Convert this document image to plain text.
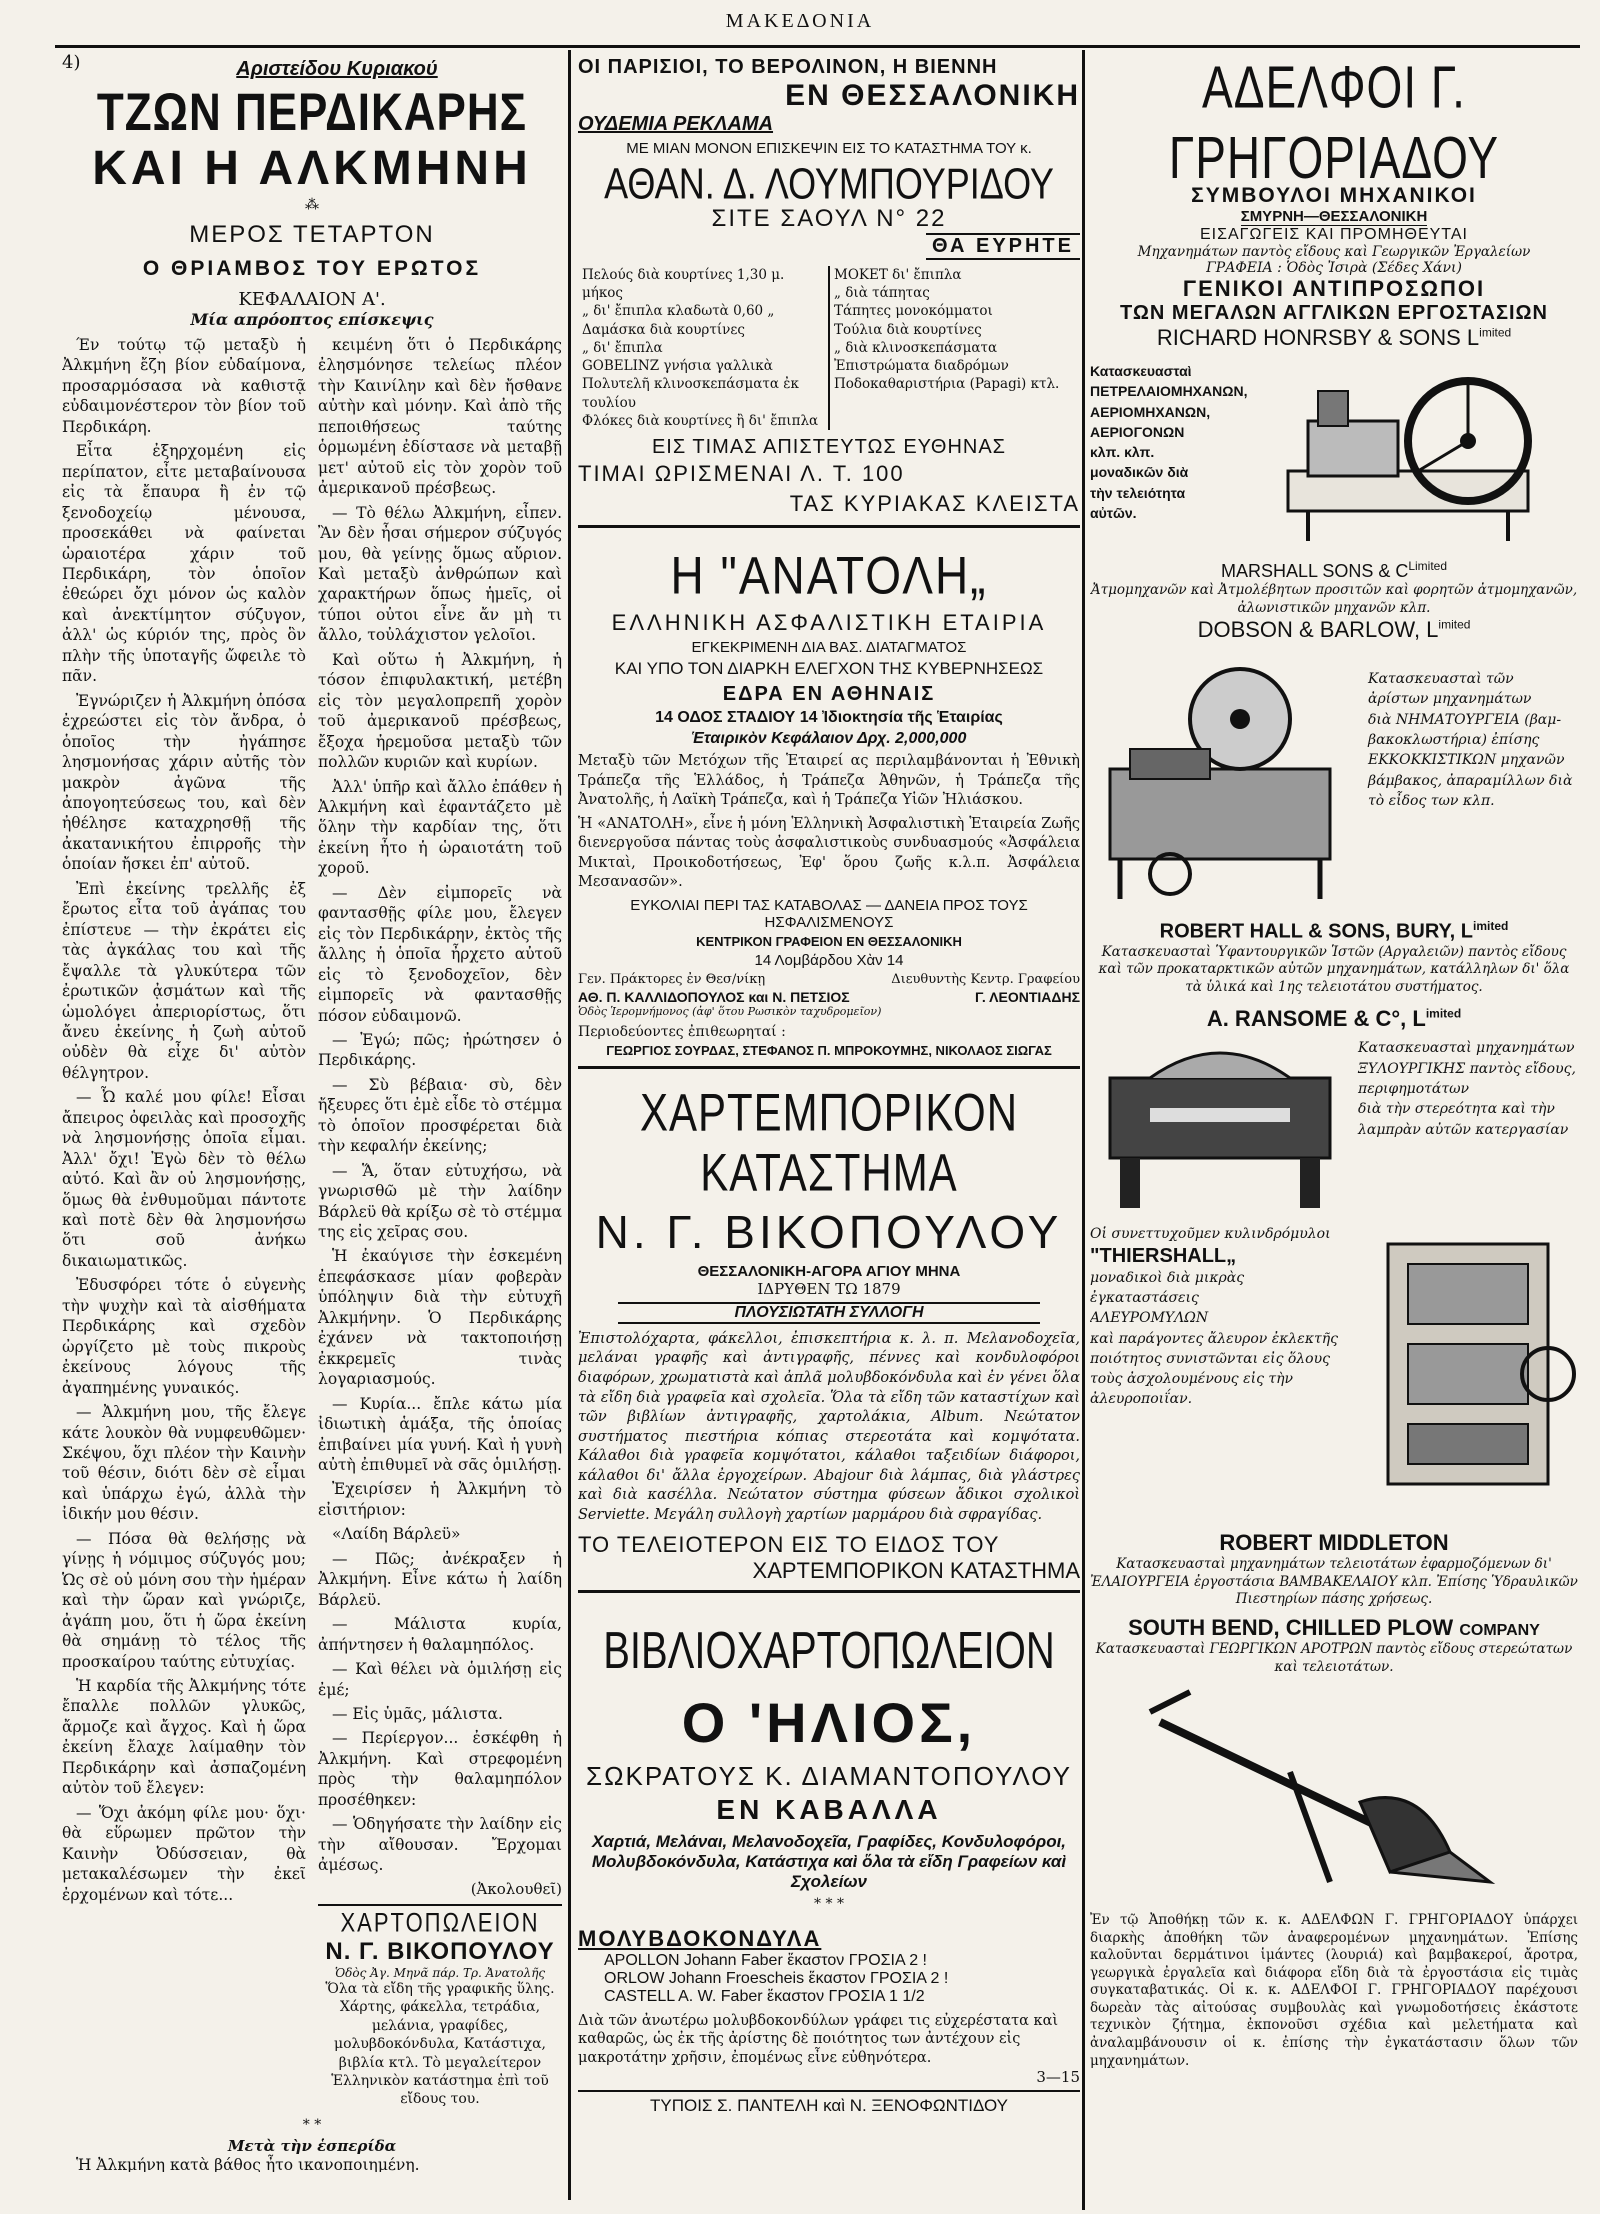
ΜΑΚΕΔΟΝΙΑ
4)	Αριστείδου Κυριακού
ΤΖΩΝ ΠΕΡΔΙΚΑΡΗΣ
ΚΑΙ Η ΑΛΚΜΗΝΗ
⁂
ΜΕΡΟΣ ΤΕΤΑΡΤΟΝ
Ο ΘΡΙΑΜΒΟΣ ΤΟΥ ΕΡΩΤΟΣ
ΚΕΦΑΛΑΙΟΝ Α'.
Μία απρόοπτος επίσκεψις
Έν τούτῳ τῷ μεταξὺ ἡ Ἀλκμήνη ἔζη βίον εὐδαίμονα, προσαρμόσασα νὰ καθιστᾷ εὐδαιμονέστερον τὸν βίον τοῦ Περδικάρη.
Εἶτα ἐξηρχομένη εἰς περίπατον, εἶτε μεταβαίνουσα εἰς τὰ ἔπαυρα ἢ ἐν τῷ ξενοδοχείῳ μένουσα, προσεκάθει νὰ φαίνεται ὡραιοτέρα χάριν τοῦ Περδικάρη, τὸν ὁποῖον ἐθεώρει ὄχι μόνον ὡς καλὸν καὶ ἀνεκτίμητον σύζυγον, ἀλλ' ὡς κύριόν της, πρὸς ὃν πλὴν τῆς ὑποταγῆς ὤφειλε τὸ πᾶν.
Ἐγνώριζεν ἡ Ἀλκμήνη ὁπόσα ἐχρεώστει εἰς τὸν ἄνδρα, ὁ ὁποῖος τὴν ἠγάπησε λησμονήσας χάριν αὐτῆς τὸν μακρὸν ἀγῶνα τῆς ἀπογοητεύσεως του, καὶ δὲν ἠθέλησε καταχρησθῇ τῆς ἀκατανικήτου ἐπιρροῆς τὴν ὁποίαν ἤσκει ἐπ' αὐτοῦ.
Ἐπὶ ἐκείνης τρελλῆς ἐξ ἔρωτος εἶτα τοῦ ἀγάπας του ἐπίστευε — τὴν ἐκράτει εἰς τὰς ἀγκάλας του καὶ τῆς ἔψαλλε τὰ γλυκύτερα τῶν ἐρωτικῶν ᾀσμάτων καὶ τῆς ὡμολόγει ἀπεριορίστως, ὅτι ἄνευ ἐκείνης ἡ ζωὴ αὐτοῦ οὐδὲν θὰ εἶχε δι' αὐτὸν θέλγητρον.
— Ὦ καλέ μου φίλε! Εἶσαι ἄπειρος ὀφειλὰς καὶ προσοχῆς νὰ λησμονήσῃς ὁποῖα εἶμαι. Ἀλλ' ὄχι! Ἐγὼ δὲν τὸ θέλω αὐτό. Καὶ ἂν οὐ λησμονήσῃς, ὅμως θὰ ἐνθυμοῦμαι πάντοτε καὶ ποτὲ δὲν θὰ λησμονήσω ὅτι σοῦ ἀνήκω δικαιωματικῶς.
Ἐδυσφόρει τότε ὁ εὐγενὴς τὴν ψυχὴν καὶ τὰ αἰσθήματα Περδικάρης καὶ σχεδὸν ὠργίζετο μὲ τοὺς πικροὺς ἐκείνους λόγους τῆς ἀγαπημένης γυναικός.
— Ἀλκμήνη μου, τῆς ἔλεγε κάτε λουκὸν θὰ νυμφευθῶμεν· Σκέψου, ὅχι πλέον τὴν Καινὴν τοῦ θέσιν, διότι δὲν σὲ εἶμαι καὶ ὑπάρχω ἐγώ, ἀλλὰ τὴν ἰδικήν μου θέσιν.
— Πόσα θὰ θελήσῃς νὰ γίνῃς ἡ νόμιμος σύζυγός μου; Ὡς σὲ οὐ μόνη σου τὴν ἡμέραν καὶ τὴν ὥραν καὶ γνώριζε, ἀγάπη μου, ὅτι ἡ ὥρα ἐκείνη θὰ σημάνῃ τὸ τέλος τῆς προσκαίρου ταύτης εὐτυχίας.
Ἡ καρδία τῆς Ἀλκμήνης τότε ἔπαλλε πολλῶν γλυκῶς, ἄρμοζε καὶ ἄγχος. Καὶ ἡ ὥρα ἐκείνη ἔλαχε λαίμαθην τὸν Περδικάρην καὶ ἀσπαζομένη αὐτὸν τοῦ ἔλεγεν:
— Ὅχι ἀκόμη φίλε μου· ὅχι· θὰ εὕρωμεν πρῶτον τὴν Καινὴν Ὀδύσσειαν, θὰ μετακαλέσωμεν τὴν ἐκεῖ ἐρχομένων καὶ τότε...
κειμένη ὅτι ὁ Περδικάρης ἐλησμόνησε τελείως πλέον τὴν Καινίλην καὶ δὲν ἤσθανε αὐτὴν καὶ μόνην. Καὶ ἀπὸ τῆς πεποιθήσεως ταύτης ὁρμωμένη ἐδίστασε νὰ μεταβῇ μετ' αὐτοῦ εἰς τὸν χορὸν τοῦ ἀμερικανοῦ πρέσβεως.
— Τὸ θέλω Ἀλκμήνη, εἶπεν. Ἂν δὲν ἦσαι σήμερον σύζυγός μου, θὰ γείνῃς ὅμως αὔριον. Καὶ μεταξὺ ἀνθρώπων καὶ χαρακτήρων ὅπως ἡμεῖς, οἱ τύποι οὐτοι εἶνε ἄν μὴ τι ἄλλο, τοὐλάχιστον γελοῖοι.
Καὶ οὕτω ἡ Ἀλκμήνη, ἡ τόσον ἐπιφυλακτική, μετέβη εἰς τὸν μεγαλοπρεπῆ χορὸν τοῦ ἀμερικανοῦ πρέσβεως, ἔξοχα ἡρεμοῦσα μεταξὺ τῶν πολλῶν κυριῶν καὶ κυρίων.
Ἀλλ' ὑπῆρ καὶ ἄλλο ἐπάθεν ἡ Ἀλκμήνη καὶ ἐφαντάζετο μὲ ὅλην τὴν καρδίαν της, ὅτι ἐκείνη ἦτο ἡ ὡραιοτάτη τοῦ χοροῦ.
— Δὲν εἰμπορεῖς νὰ φαντασθῇς φίλε μου, ἔλεγεν εἰς τὸν Περδικάρην, ἐκτὸς τῆς ἄλλης ἡ ὁποῖα ἦρχετο αὐτοῦ εἰς τὸ ξενοδοχεῖον, δὲν εἰμπορεῖς νὰ φαντασθῇς πόσον εὐδαιμονῶ.
— Ἐγώ; πῶς; ἠρώτησεν ὁ Περδικάρης.
— Σὺ βέβαια· σὺ, δὲν ἤξευρες ὅτι ἐμὲ εἶδε τὸ στέμμα τὸ ὁποῖον προσφέρεται διὰ τὴν κεφαλήν ἐκείνης;
— Ἅ, ὅταν εὐτυχήσω, νὰ γνωρισθῶ μὲ τὴν λαίδην Βάρλεϋ θὰ κρίξω σὲ τὸ στέμμα της εἰς χεῖρας σου.
Ἡ ἐκαύγισε τὴν ἐσκεμένη ἐπεφάσκασε μίαν φοβερὰν ὑπόληψιν διὰ τὴν εὐτυχῆ Ἀλκμήνην. Ὁ Περδικάρης ἐχάνεν νὰ τακτοποιήσῃ ἐκκρεμεῖς τινὰς λογαριασμούς.
— Κυρία... ἔπλε κάτω μία ἰδιωτικὴ ἁμάξα, τῆς ὁποίας ἐπιβαίνει μία γυνή. Καὶ ἡ γυνὴ αὐτὴ ἐπιθυμεῖ νὰ σᾶς ὁμιλήσῃ.
Ἐχειρίσεν ἡ Ἀλκμήνη τὸ εἰσιτήριον:
«Λαίδη Βάρλεϋ»
— Πῶς; ἀνέκραξεν ἡ Ἀλκμήνη. Εἶνε κάτω ἡ λαίδη Βάρλεϋ.
— Μάλιστα κυρία, ἀπήντησεν ἡ θαλαμηπόλος.
— Καὶ θέλει νὰ ὁμιλήσῃ εἰς ἐμέ;
— Εἰς ὑμᾶς, μάλιστα.
— Περίεργον... ἐσκέφθη ἡ Ἀλκμήνη. Καὶ στρεφομένη πρὸς τὴν θαλαμηπόλον προσέθηκεν:
— Ὁδηγήσατε τὴν λαίδην εἰς τὴν αἴθουσαν. Ἔρχομαι ἀμέσως.
(Ἀκολουθεῖ)
ΧΑΡΤΟΠΩΛΕΙΟΝ
Ν. Γ. ΒΙΚΟΠΟΥΛΟΥ
Ὁδὸς Ἀγ. Μηνᾶ πάρ. Τρ. Ἀνατολῆς
Ὅλα τὰ εἴδη τῆς γραφικῆς ὕλης. Χάρτης, φάκελλα, τετράδια, μελάνια, γραφίδες, μολυβδοκόνδυλα, Κατάστιχα, βιβλία κτλ. Τὸ μεγαλείτερον Ἑλληνικὸν κατάστημα ἐπὶ τοῦ εἴδους του.
* *
Μετὰ τὴν ἑσπερίδα
Ἡ Ἀλκμήνη κατὰ βάθος ἦτο ικανοποιημένη.
ΟΙ ΠΑΡΙΣΙΟΙ, ΤΟ ΒΕΡΟΛΙΝΟΝ, Η ΒΙΕΝΝΗ
ΕΝ ΘΕΣΣΑΛΟΝΙΚΗ
ΟΥΔΕΜΙΑ ΡΕΚΛΑΜΑ
ΜΕ ΜΙΑΝ ΜΟΝΟΝ ΕΠΙΣΚΕΨΙΝ ΕΙΣ ΤΟ ΚΑΤΑΣΤΗΜΑ ΤΟΥ κ.
ΑΘΑΝ. Δ. ΛΟΥΜΠΟΥΡΙΔΟΥ
ΣΙΤΕ ΣΑΟΥΛ Ν° 22
ΘΑ ΕΥΡΗΤΕ
Πελούς διὰ κουρτίνες 1,30 μ. μήκος
„ δι' ἔπιπλα κλαδωτὰ 0,60 „
Δαμάσκα διὰ κουρτίνες
„ δι' ἔπιπλα
GOBELINZ γνήσια γαλλικὰ
Πολυτελῆ κλινοσκεπάσματα ἐκ τουλίου
Φλόκες διὰ κουρτίνες ἢ δι' ἔπιπλα
ΜΟΚΕΤ δι' ἔπιπλα
„ διὰ τάπητας
Τάπητες μονοκόμματοι
Τούλια διὰ κουρτίνες
„ διὰ κλινοσκεπάσματα
Ἐπιστρώματα διαδρόμων
Ποδοκαθαριστήρια (Papagi) κτλ.
ΕΙΣ ΤΙΜΑΣ ΑΠΙΣΤΕΥΤΩΣ ΕΥΘΗΝΑΣ
ΤΙΜΑΙ ΩΡΙΣΜΕΝΑΙ Λ. Τ. 100
ΤΑΣ ΚΥΡΙΑΚΑΣ ΚΛΕΙΣΤΑ
Η "ΑΝΑΤΟΛΗ„
ΕΛΛΗΝΙΚΗ ΑΣΦΑΛΙΣΤΙΚΗ ΕΤΑΙΡΙΑ
ΕΓΚΕΚΡΙΜΕΝΗ ΔΙΑ ΒΑΣ. ΔΙΑΤΑΓΜΑΤΟΣ
ΚΑΙ ΥΠΟ ΤΟΝ ΔΙΑΡΚΗ ΕΛΕΓΧΟΝ ΤΗΣ ΚΥΒΕΡΝΗΣΕΩΣ
ΕΔΡΑ ΕΝ ΑΘΗΝΑΙΣ
14 ΟΔΟΣ ΣΤΑΔΙΟΥ 14 Ἰδιοκτησία τῆς Ἑταιρίας
Ἑταιρικὸν Κεφάλαιον Δρχ. 2,000,000
Μεταξὺ τῶν Μετόχων τῆς Ἑταιρεί ας περιλαμβάνονται ἡ Ἐθνικὴ Τράπεζα τῆς Ἑλλάδος, ἡ Τράπεζα Ἀθηνῶν, ἡ Τράπεζα τῆς Ἀνατολῆς, ἡ Λαϊκὴ Τράπεζα, καὶ ἡ Τράπεζα Υἱῶν Ἠλιάσκου.
Ἡ «ΑΝΑΤΟΛΗ», εἶνε ἡ μόνη Ἑλληνικὴ Ἀσφαλιστικὴ Ἑταιρεία Ζωῆς διενεργοῦσα πάντας τοὺς ἀσφαλιστικοὺς συνδυασμούς «Ἀσφάλεια Μικταὶ, Προικοδοτήσεως, Ἐφ' ὅρου ζωῆς κ.λ.π. Ἀσφάλεια Μεσανασῶν».
ΕΥΚΟΛΙΑΙ ΠΕΡΙ ΤΑΣ ΚΑΤΑΒΟΛΑΣ — ΔΑΝΕΙΑ ΠΡΟΣ ΤΟΥΣ ΗΣΦΑΛΙΣΜΕΝΟΥΣ
ΚΕΝΤΡΙΚΟΝ ΓΡΑΦΕΙΟΝ ΕΝ ΘΕΣΣΑΛΟΝΙΚΗ
14 Λομβάρδου Χὰν 14
Γεν. Πράκτορες ἐν Θεσ/νίκῃ	Διευθυντὴς Κεντρ. Γραφείου
ΑΘ. Π. ΚΑΛΛΙΔΟΠΟΥΛΟΣ και Ν. ΠΕΤΣΙΟΣ	Γ. ΛΕΟΝΤΙΑΔΗΣ
Ὁδὸς Ἱερομνήμονος (ἀφ' ὅτου Ρωσικὸν ταχυδρομεῖον)
Περιοδεύοντες ἐπιθεωρηταί :
ΓΕΩΡΓΙΟΣ ΣΟΥΡΔΑΣ, ΣΤΕΦΑΝΟΣ Π. ΜΠΡΟΚΟΥΜΗΣ, ΝΙΚΟΛΑΟΣ ΣΙΩΓΑΣ
ΧΑΡΤΕΜΠΟΡΙΚΟΝ ΚΑΤΑΣΤΗΜΑ
Ν. Γ. ΒΙΚΟΠΟΥΛΟΥ
ΘΕΣΣΑΛΟΝΙΚΗ-ΑΓΟΡΑ ΑΓΙΟΥ ΜΗΝΑ
ΙΔΡΥΘΕΝ ΤΩ 1879
ΠΛΟΥΣΙΩΤΑΤΗ ΣΥΛΛΟΓΗ
Ἐπιστολόχαρτα, φάκελλοι, ἐπισκεπτήρια κ. λ. π. Μελανοδοχεῖα, μελάναι γραφῆς καὶ ἀντιγραφῆς, πέννες καὶ κονδυλοφόροι διαφόρων, χρωματιστὰ καὶ ἀπλᾶ μολυβδοκόνδυλα καὶ ἐν γένει ὅλα τὰ εἴδη διὰ γραφεῖα καὶ σχολεῖα. Ὅλα τὰ εἴδη τῶν καταστίχων καὶ τῶν βιβλίων ἀντιγραφῆς, χαρτολάκια, Album. Νεώτατον συστήματος πιεστήρια κόπιας στερεοτάτα καὶ κομψότατα. Κάλαθοι διὰ γραφεῖα κομψότατοι, κάλαθοι ταξειδίων διάφοροι, κάλαθοι δι' ἄλλα ἐργοχείρων. Abajour διὰ λάμπας, διὰ γλάστρες καὶ διὰ κασέλλα. Νεώτατον σύστημα φύσεων ἄδικοι σχολικοὶ Serviette. Μεγάλη συλλογὴ χαρτίων μαρμάρου διὰ σφραγίδας.
ΤΟ ΤΕΛΕΙΟΤΕΡΟΝ ΕΙΣ ΤΟ ΕΙΔΟΣ ΤΟΥ
ΧΑΡΤΕΜΠΟΡΙΚΟΝ ΚΑΤΑΣΤΗΜΑ
ΒΙΒΛΙΟΧΑΡΤΟΠΩΛΕΙΟΝ
Ο 'ΗΛΙΟΣ,
ΣΩΚΡΑΤΟΥΣ Κ. ΔΙΑΜΑΝΤΟΠΟΥΛΟΥ
ΕΝ ΚΑΒΑΛΛΑ
Χαρτιά, Μελάναι, Μελανοδοχεῖα, Γραφίδες, Κονδυλοφόροι, Μολυβδοκόνδυλα, Κατάστιχα καὶ ὅλα τὰ εἴδη Γραφείων καὶ Σχολείων
* * *
ΜΟΛΥΒΔΟΚΟΝΔΥΛΑ
APOLLON Johann Faber ἕκαστον ΓΡΟΣΙΑ 2 !
ORLOW Johann Froescheis ἕκαστον ΓΡΟΣΙΑ 2 !
CASTELL A. W. Faber ἕκαστον ΓΡΟΣΙΑ 1 1/2
Διὰ τῶν ἀνωτέρω μολυβδοκονδύλων γράφει τις εὐχερέστατα καὶ καθαρῶς, ὡς ἐκ τῆς ἀρίστης δὲ ποιότητος των ἀντέχουν εἰς μακροτάτην χρῆσιν, ἐπομένως εἶνε εὐθηνότερα.
3—15
ΤΥΠΟΙΣ Σ. ΠΑΝΤΕΛΗ καὶ Ν. ΞΕΝΟΦΩΝΤΙΔΟΥ
ΑΔΕΛΦΟΙ Γ. ΓΡΗΓΟΡΙΑΔΟΥ
ΣΥΜΒΟΥΛΟΙ ΜΗΧΑΝΙΚΟΙ
ΣΜΥΡΝΗ—ΘΕΣΣΑΛΟΝΙΚΗ
ΕΙΣΑΓΩΓΕΙΣ ΚΑΙ ΠΡΟΜΗΘΕΥΤΑΙ
Μηχανημάτων παντὸς εἴδους καὶ Γεωργικῶν Ἐργαλείων
ΓΡΑΦΕΙΑ : Ὁδὸς Ἰσιρὰ (Σέδες Χάνι)
ΓΕΝΙΚΟΙ ΑΝΤΙΠΡΟΣΩΠΟΙ
ΤΩΝ ΜΕΓΑΛΩΝ ΑΓΓΛΙΚΩΝ ΕΡΓΟΣΤΑΣΙΩΝ
RICHARD HONRSBY & SONS $L^{imited}$
Κατασκευασταὶ
ΠΕΤΡΕΛΑΙΟΜΗΧΑΝΩΝ,
ΑΕΡΙΟΜΗΧΑΝΩΝ,
ΑΕΡΙΟΓΟΝΩΝ
κλπ. κλπ.
μοναδικῶν διὰ
τὴν τελειότητα
αὐτῶν.
MARSHALL SONS & $C^{Limited}$
Ἀτμομηχανῶν καὶ Ἀτμολέβητων προσιτῶν καὶ φορητῶν ἀτμομηχανῶν, ἀλωνιστικῶν μηχανῶν κλπ.
DOBSON & BARLOW, $L^{imited}$
Κατασκευασταὶ τῶν ἀρίστων μηχανημάτων
διὰ ΝΗΜΑΤΟΥΡΓΕΙΑ (βαμ-
βακοκλωστήρια) ἐπίσης
ΕΚΚΟΚΚΙΣΤΙΚΩΝ μηχανῶν
βάμβακος, ἀπαραμίλλων διὰ
τὸ εἶδος των κλπ.
ROBERT HALL & SONS, BURY, $L^{imited}$
Κατασκευασταὶ Ὑφαντουργικῶν Ἱστῶν (Αργαλειῶν) παντὸς εἴδους καὶ τῶν προκαταρκτικῶν αὐτῶν μηχανημάτων, κατάλληλων δι' ὅλα τὰ ὑλικά καὶ 1ης τελειοτάτου συστήματος.
A. RANSOME & C°, $L^{imited}$
Κατασκευασταὶ μηχανημάτων ΞΥΛΟΥΡΓΙΚΗΣ παντὸς εἴδους, περιφημοτάτων
διὰ τὴν στερεότητα καὶ τὴν
λαμπρὰν αὐτῶν κατεργασίαν
Οἱ συνεττυχοῦμεν κυλινδρόμυλοι
"ΤΗΙERSHALL„
μοναδικοὶ διὰ μικρὰς ἐγκαταστάσεις
ΑΛΕΥΡΟΜΥΛΩΝ
καὶ παράγοντες ἄλευρον ἐκλεκτῆς ποιότητος συνιστῶνται εἰς ὅλους τοὺς ἀσχολουμένους εἰς τὴν ἀλευροποιΐαν.
ROBERT MIDDLETON
Κατασκευασταὶ μηχανημάτων τελειοτάτων ἐφαρμοζόμενων δι' ἘΛΑΙΟΥΡΓΕΙΑ ἐργοστάσια ΒΑΜΒΑΚΕΛΑΙΟΥ κλπ. Ἐπίσης Ὑδραυλικῶν Πιεστηρίων πάσης χρήσεως.
SOUTH BEND, CHILLED PLOW COMPANY
Κατασκευασταὶ ΓΕΩΡΓΙΚΩΝ ΑΡΟΤΡΩΝ παντὸς εἴδους στερεώτατων καὶ τελειοτάτων.
Ἐν τῷ Ἀποθήκῃ τῶν κ. κ. ΑΔΕΛΦΩΝ Γ. ΓΡΗΓΟΡΙΑΔΟΥ ὑπάρχει διαρκὴς ἀποθήκη τῶν ἀναφερομένων μηχανημάτων. Ἐπίσης καλοῦνται δερμάτινοι ἱμάντες (λουριά) καὶ βαμβακεροί, ἄροτρα, γεωργικὰ ἐργαλεῖα καὶ διάφορα εἴδη διὰ τὰ ἐργοστάσια εἰς τιμὰς συγκαταβατικάς. Οἱ κ. κ. ΑΔΕΛΦΟΙ Γ. ΓΡΗΓΟΡΙΑΔΟΥ παρέχουσι δωρεὰν τὰς αἰτούσας συμβουλὰς καὶ γνωμοδοτήσεις ἐκάστοτε τεχνικὸν ζήτημα, ἐκπονοῦσι σχέδια καὶ μελετήματα καὶ ἀναλαμβάνουσιν οἱ κ. ἐπίσης τὴν ἐγκατάστασιν ὅλων τῶν μηχανημάτων.
